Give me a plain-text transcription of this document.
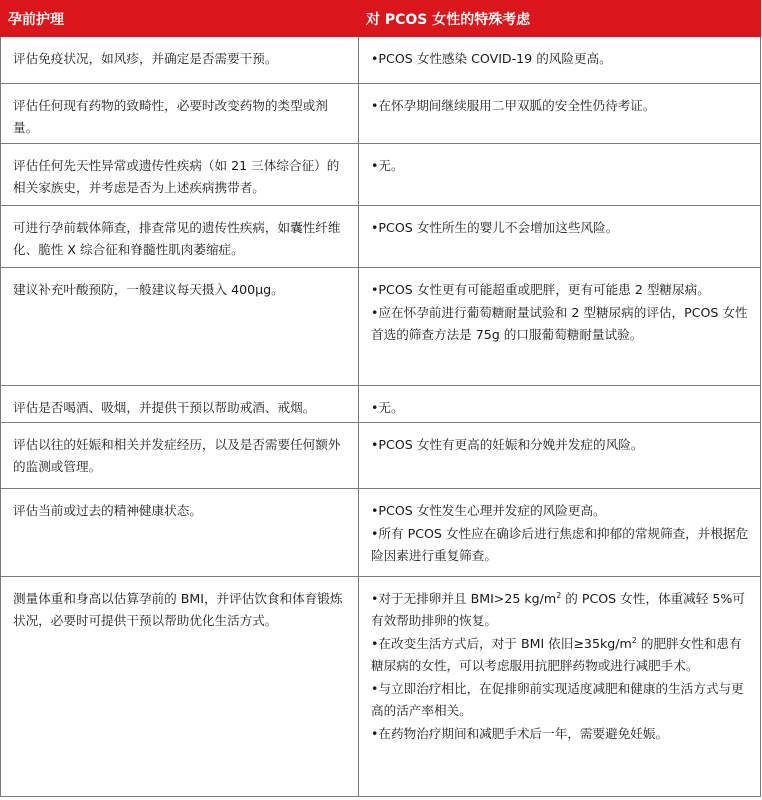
孕前护理	对 PCOS 女性的特殊考虑
评估免疫状况，如风疹，并确定是否需要干预。	•PCOS 女性感染 COVID-19 的风险更高。

评估任何现有药物的致畸性，必要时改变药物的类型或剂量。	•在怀孕期间继续服用二甲双胍的安全性仍待考证。

评估任何先天性异常或遗传性疾病（如 21 三体综合征）的相关家族史，并考虑是否为上述疾病携带者。	•无。

可进行孕前载体筛查，排查常见的遗传性疾病，如囊性纤维化、脆性 X 综合征和脊髓性肌肉萎缩症。	•PCOS 女性所生的婴儿不会增加这些风险。

建议补充叶酸预防，一般建议每天摄入 400μg。	•PCOS 女性更有可能超重或肥胖，更有可能患 2 型糖尿病。
•应在怀孕前进行葡萄糖耐量试验和 2 型糖尿病的评估，PCOS 女性首选的筛查方法是 75g 的口服葡萄糖耐量试验。

评估是否喝酒、吸烟，并提供干预以帮助戒酒、戒烟。	•无。

评估以往的妊娠和相关并发症经历，以及是否需要任何额外的监测或管理。	•PCOS 女性有更高的妊娠和分娩并发症的风险。

评估当前或过去的精神健康状态。	•PCOS 女性发生心理并发症的风险更高。
•所有 PCOS 女性应在确诊后进行焦虑和抑郁的常规筛查，并根据危险因素进行重复筛查。

测量体重和身高以估算孕前的 BMI，并评估饮食和体育锻炼状况，必要时可提供干预以帮助优化生活方式。	•对于无排卵并且 BMI>25 $kg/m^2$ 的 PCOS 女性，体重减轻 5%可有效帮助排卵的恢复。
•在改变生活方式后，对于 BMI 依旧$\ge 35kg/m^2$ 的肥胖女性和患有糖尿病的女性，可以考虑服用抗肥胖药物或进行减肥手术。
•与立即治疗相比，在促排卵前实现适度减肥和健康的生活方式与更高的活产率相关。
•在药物治疗期间和减肥手术后一年，需要避免妊娠。
